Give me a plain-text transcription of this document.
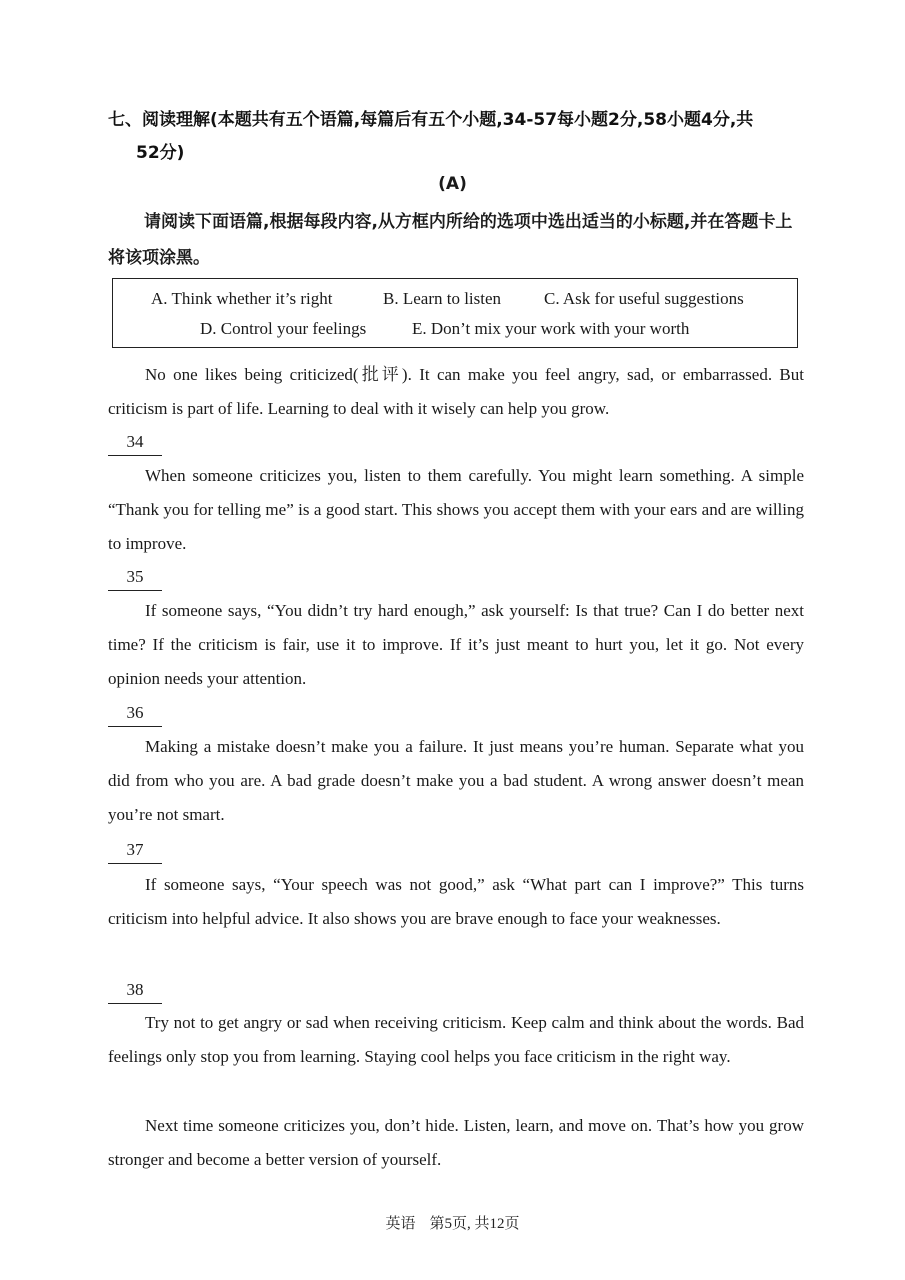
七、阅读理解(本题共有五个语篇,每篇后有五个小题,34-57每小题2分,58小题4分,共
52分)
(A)
请阅读下面语篇,根据每段内容,从方框内所给的选项中选出适当的小标题,并在答题卡上将该项涂黑。
A. Think whether it’s right	B. Learn to listen	C. Ask for useful suggestions
D. Control your feelings	E. Don’t mix your work with your worth

No one likes being criticized(批评). It can make you feel angry, sad, or embarrassed. But criticism is part of life. Learning to deal with it wisely can help you grow.

34

When someone criticizes you, listen to them carefully. You might learn something. A simple “Thank you for telling me” is a good start. This shows you accept them with your ears and are willing to improve.

35

If someone says, “You didn’t try hard enough,” ask yourself: Is that true? Can I do better next time? If the criticism is fair, use it to improve. If it’s just meant to hurt you, let it go. Not every opinion needs your attention.

36

Making a mistake doesn’t make you a failure. It just means you’re human. Separate what you did from who you are. A bad grade doesn’t make you a bad student. A wrong answer doesn’t mean you’re not smart.

37

If someone says, “Your speech was not good,” ask “What part can I improve?” This turns criticism into helpful advice. It also shows you are brave enough to face your weaknesses.

38

Try not to get angry or sad when receiving criticism. Keep calm and think about the words. Bad feelings only stop you from learning. Staying cool helps you face criticism in the right way.

Next time someone criticizes you, don’t hide. Listen, learn, and move on. That’s how you grow stronger and become a better version of yourself.

英语 第5页, 共12页
